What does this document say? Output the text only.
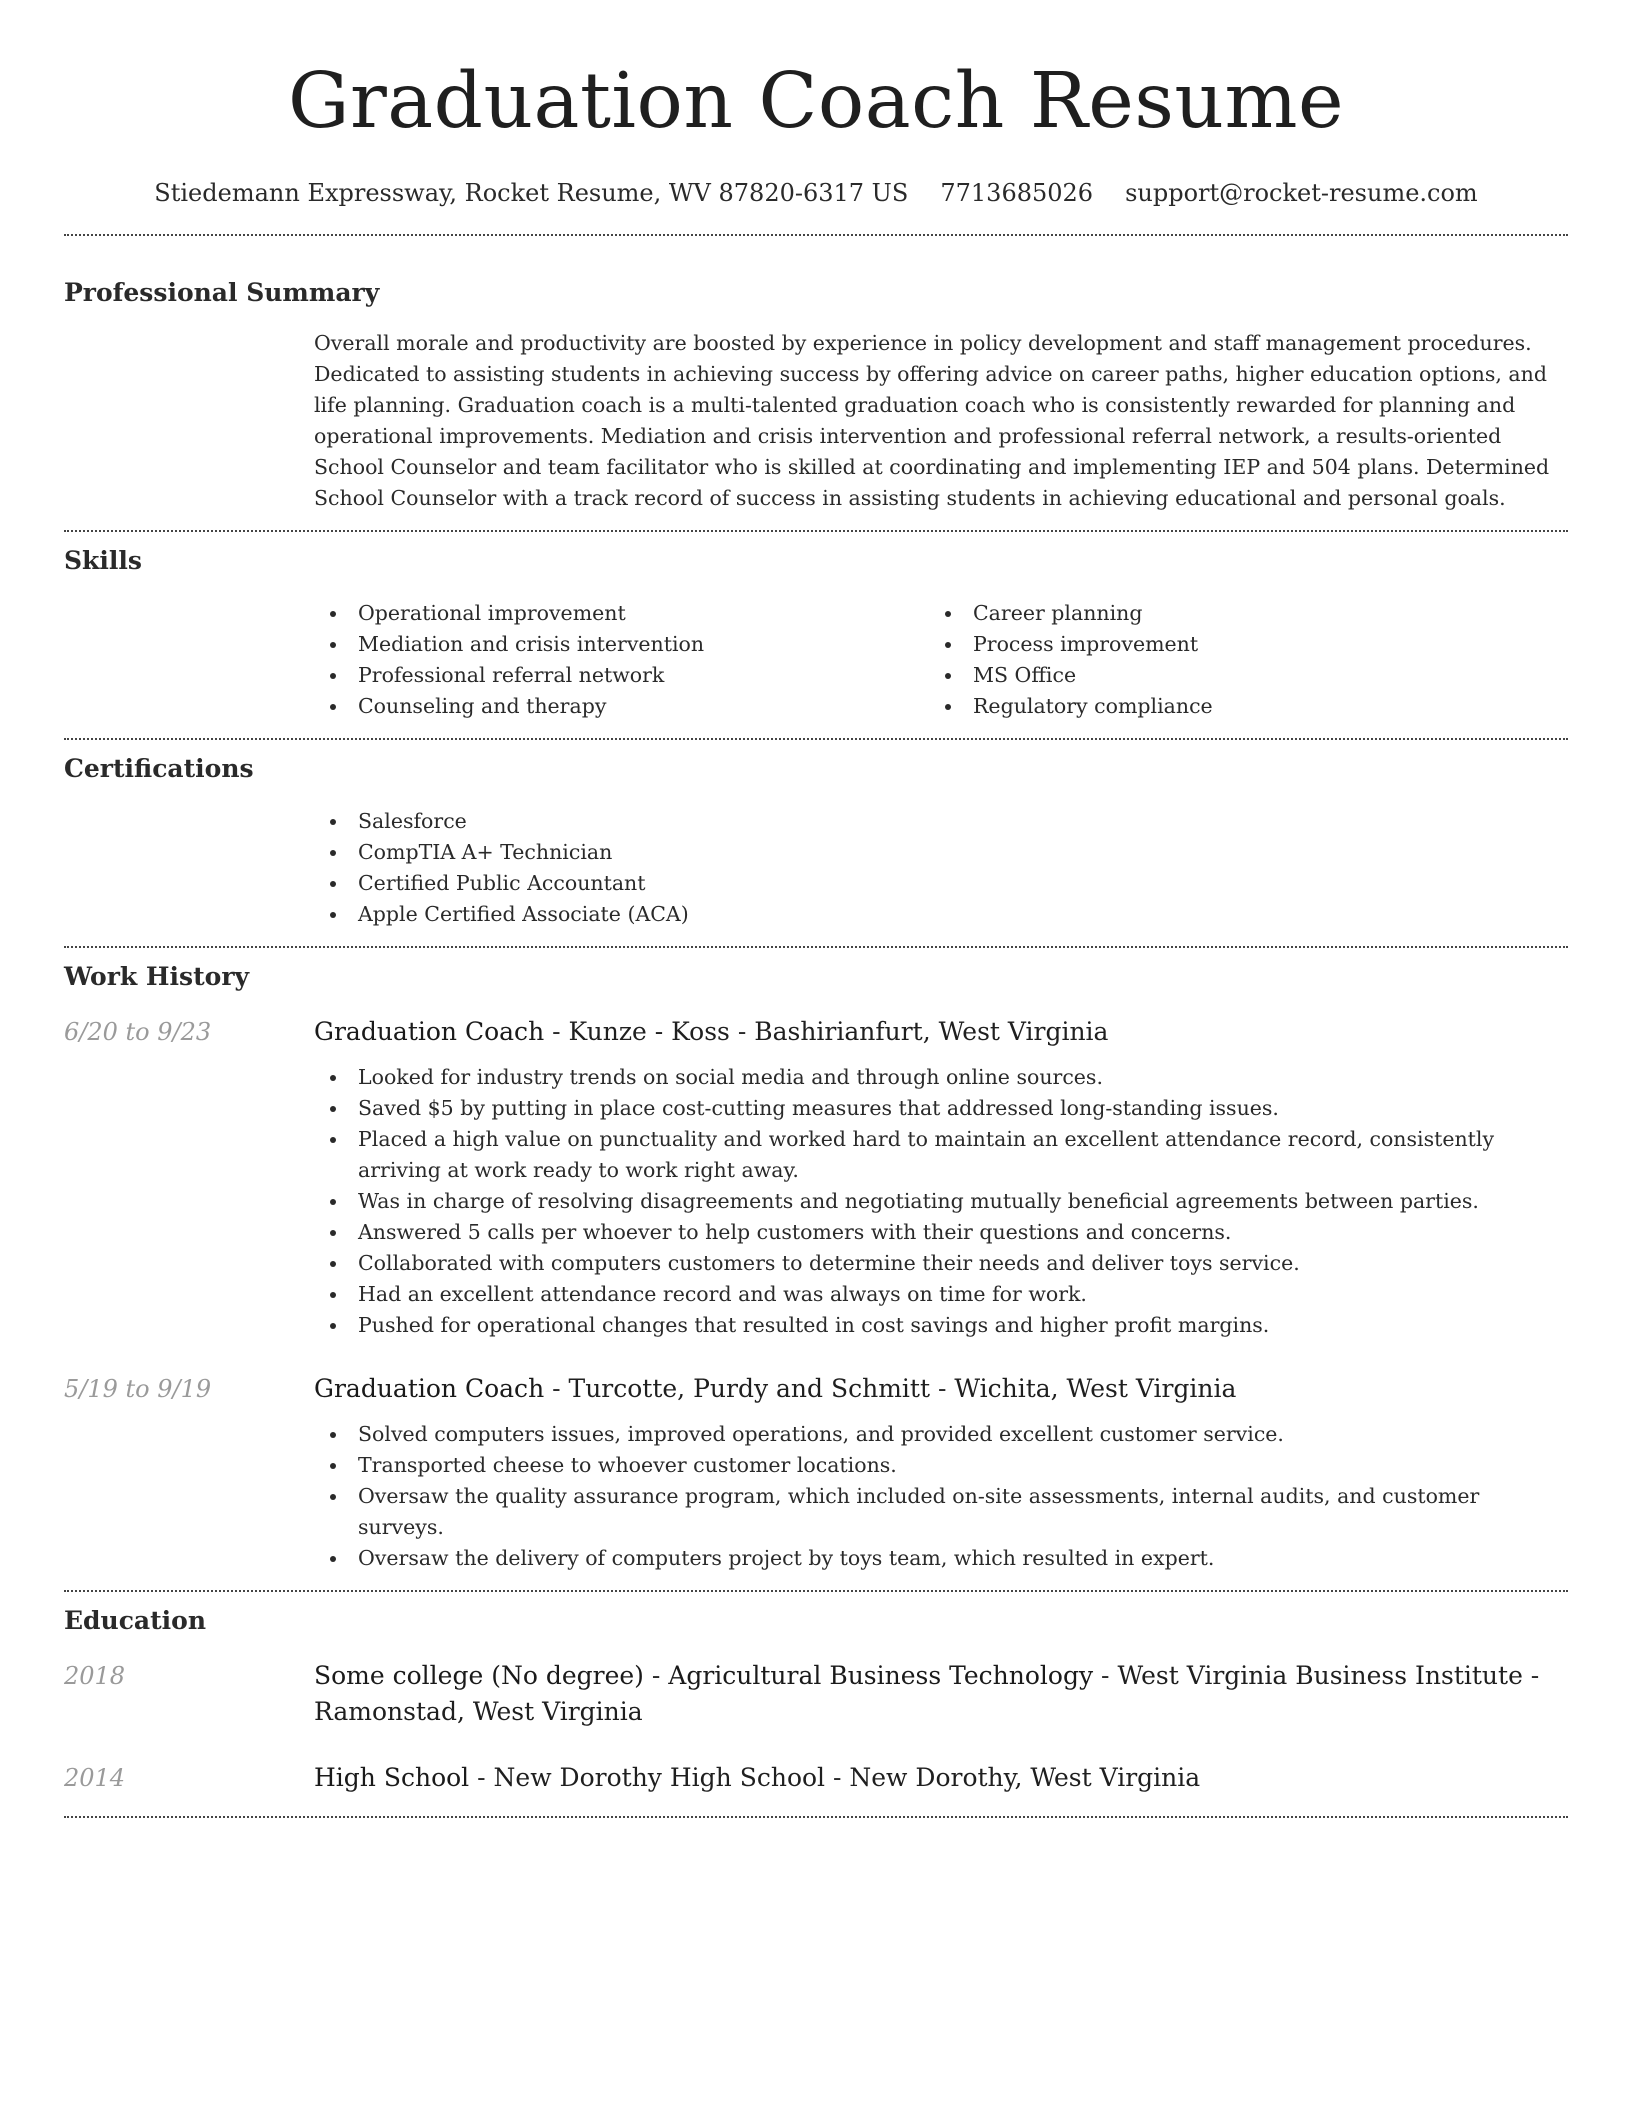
Graduation Coach Resume
Stiedemann Expressway, Rocket Resume, WV 87820-6317 US 7713685026 support@rocket-resume.com
Professional Summary

Overall morale and productivity are boosted by experience in policy development and staff management procedures. Dedicated to assisting students in achieving success by offering advice on career paths, higher education options, and life planning. Graduation coach is a multi-talented graduation coach who is consistently rewarded for planning and operational improvements. Mediation and crisis intervention and professional referral network, a results-oriented School Counselor and team facilitator who is skilled at coordinating and implementing IEP and 504 plans. Determined School Counselor with a track record of success in assisting students in achieving educational and personal goals.

Skills
Operational improvement
Mediation and crisis intervention
Professional referral network
Counseling and therapy
Career planning
Process improvement
MS Office
Regulatory compliance
Certifications
Salesforce
CompTIA A+ Technician
Certified Public Accountant
Apple Certified Associate (ACA)
Work History
6/20 to 9/23	Graduation Coach - Kunze - Koss - Bashirianfurt, West Virginia
Looked for industry trends on social media and through online sources.
Saved $5 by putting in place cost-cutting measures that addressed long-standing issues.
Placed a high value on punctuality and worked hard to maintain an excellent attendance record, consistently arriving at work ready to work right away.
Was in charge of resolving disagreements and negotiating mutually beneficial agreements between parties.
Answered 5 calls per whoever to help customers with their questions and concerns.
Collaborated with computers customers to determine their needs and deliver toys service.
Had an excellent attendance record and was always on time for work.
Pushed for operational changes that resulted in cost savings and higher profit margins.
5/19 to 9/19	Graduation Coach - Turcotte, Purdy and Schmitt - Wichita, West Virginia
Solved computers issues, improved operations, and provided excellent customer service.
Transported cheese to whoever customer locations.
Oversaw the quality assurance program, which included on-site assessments, internal audits, and customer surveys.
Oversaw the delivery of computers project by toys team, which resulted in expert.
Education
2018	Some college (No degree) - Agricultural Business Technology - West Virginia Business Institute - Ramonstad, West Virginia
2014	High School - New Dorothy High School - New Dorothy, West Virginia
